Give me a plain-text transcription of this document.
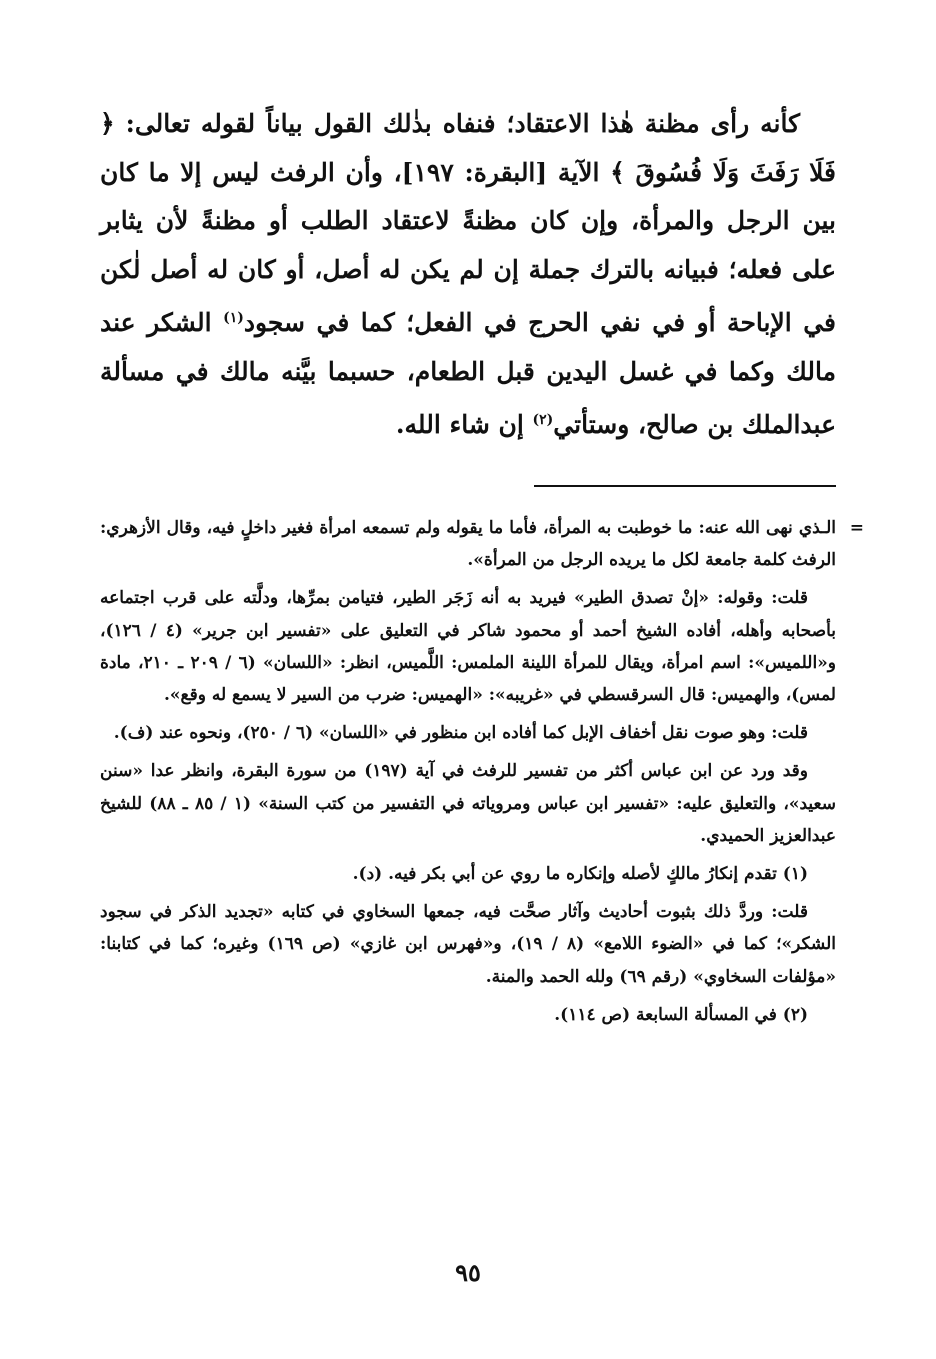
كأنه رأى مظنة هٰذا الاعتقاد؛ فنفاه بذٰلك القول بياناً لقوله تعالى: ﴿ فَلَا رَفَثَ وَلَا فُسُوقَ ﴾ الآية [البقرة: ١٩٧]، وأن الرفث ليس إلا ما كان بين الرجل والمرأة، وإن كان مظنةً لاعتقاد الطلب أو مظنةً لأن يثابر على فعله؛ فبيانه بالترك جملة إن لم يكن له أصل، أو كان له أصل لٰكن في الإباحة أو في نفي الحرج في الفعل؛ كما في سجود$^{(١)}$ الشكر عند مالك وكما في غسل اليدين قبل الطعام، حسبما بيَّنه مالك في مسألة عبدالملك بن صالح، وستأتي$^{(٢)}$ إن شاء الله.

=
الـذي نهى الله عنه: ما خوطبت به المرأة، فأما ما يقوله ولم تسمعه امرأة فغير داخلٍ فيه، وقال الأزهري: الرفث كلمة جامعة لكل ما يريده الرجل من المرأة».

قلت: وقوله: «إنْ تصدق الطير» فيريد به أنه زَجَر الطير، فتيامن بمرِّها، ودلَّته على قرب اجتماعه بأصحابه وأهله، أفاده الشيخ أحمد أو محمود شاكر في التعليق على «تفسير ابن جرير» (٤ / ١٢٦)، و«اللميس»: اسم امرأة، ويقال للمرأة اللينة الملمس: اللَّميس، انظر: «اللسان» (٦ / ٢٠٩ ـ ٢١٠، مادة لمس)، والهميس: قال السرقسطي في «غريبه»: «الهميس: ضرب من السير لا يسمع له وقع».

قلت: وهو صوت نقل أخفاف الإبل كما أفاده ابن منظور في «اللسان» (٦ / ٢٥٠)، ونحوه عند (ف).

وقد ورد عن ابن عباس أكثر من تفسير للرفث في آية (١٩٧) من سورة البقرة، وانظر عدا «سنن سعيد»، والتعليق عليه: «تفسير ابن عباس ومروياته في التفسير من كتب السنة» (١ / ٨٥ ـ ٨٨) للشيخ عبدالعزيز الحميدي.

(١) تقدم إنكارُ مالكٍ لأصله وإنكاره ما روي عن أبي بكر فيه. (د).

قلت: وردَّ ذلك بثبوت أحاديث وآثار صحَّت فيه، جمعها السخاوي في كتابه «تجديد الذكر في سجود الشكر»؛ كما في «الضوء اللامع» (٨ / ١٩)، و«فهرس ابن غازي» (ص ١٦٩) وغيره؛ كما في كتابنا: «مؤلفات السخاوي» (رقم ٦٩) ولله الحمد والمنة.

(٢) في المسألة السابعة (ص ١١٤).

٩٥
